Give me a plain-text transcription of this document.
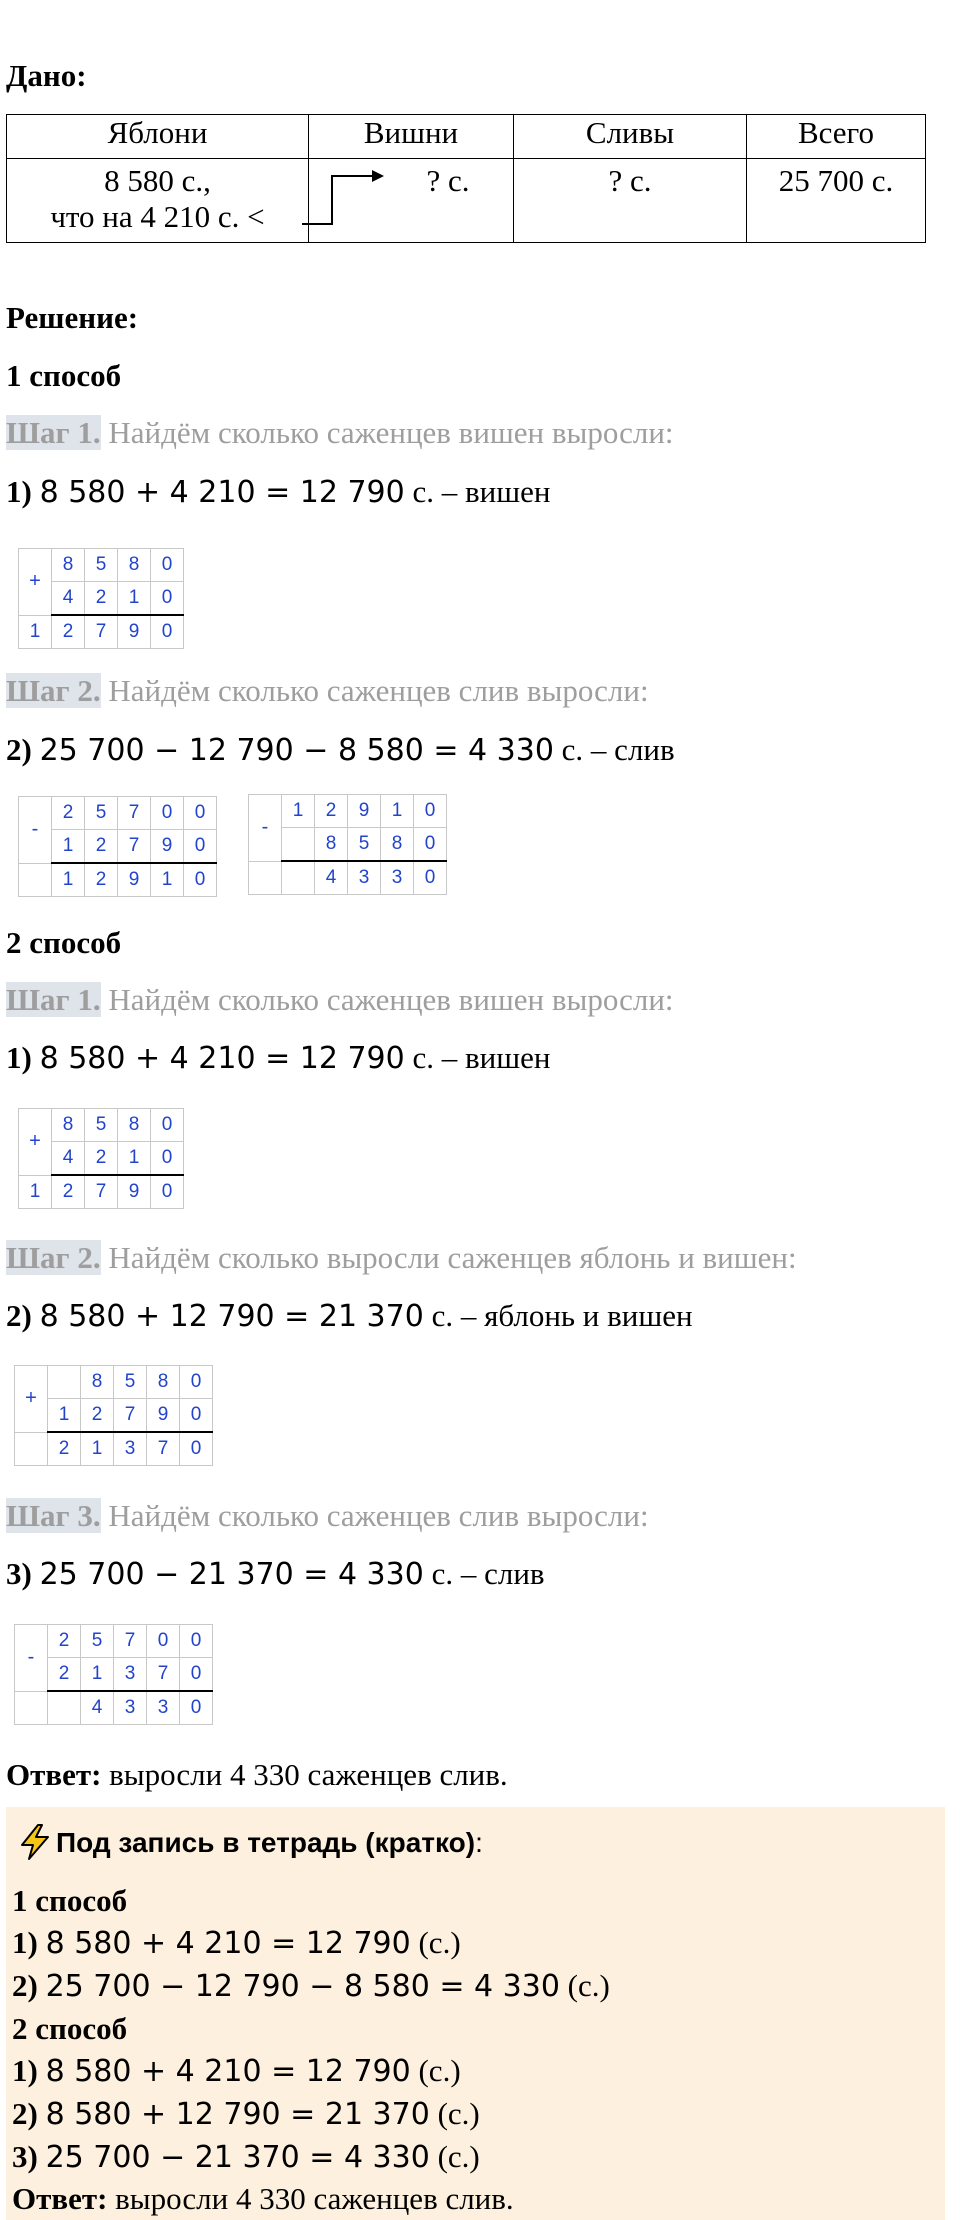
Дано:
Яблони	Вишни	Сливы	Всего

8 580 с.,
что на 4 210 с. <	? с.	? с.	25 700 с.
Решение:
1 способ
Шаг 1. Найдём сколько саженцев вишен выросли:
1) 8 580 + 4 210 = 12 790 с. – вишен
+	8	5	8	0
	4	2	1	0
1	2	7	9	0
Шаг 2. Найдём сколько саженцев слив выросли:
2) 25 700 − 12 790 − 8 580 = 4 330 с. – слив
-	2	5	7	0	0
	1	2	7	9	0
	1	2	9	1	0
-	1	2	9	1	0
		8	5	8	0
		4	3	3	0
2 способ
Шаг 1. Найдём сколько саженцев вишен выросли:
1) 8 580 + 4 210 = 12 790 с. – вишен
+	8	5	8	0
	4	2	1	0
1	2	7	9	0
Шаг 2. Найдём сколько выросли саженцев яблонь и вишен:
2) 8 580 + 12 790 = 21 370 с. – яблонь и вишен
+		8	5	8	0
	1	2	7	9	0
	2	1	3	7	0
Шаг 3. Найдём сколько саженцев слив выросли:
3) 25 700 − 21 370 = 4 330 с. – слив
-	2	5	7	0	0
	2	1	3	7	0
		4	3	3	0
Ответ: выросли 4 330 саженцев слив.
Под запись в тетрадь (кратко):
1 способ
1) 8 580 + 4 210 = 12 790 (с.)
2) 25 700 − 12 790 − 8 580 = 4 330 (с.)
2 способ
1) 8 580 + 4 210 = 12 790 (с.)
2) 8 580 + 12 790 = 21 370 (с.)
3) 25 700 − 21 370 = 4 330 (с.)
Ответ: выросли 4 330 саженцев слив.
